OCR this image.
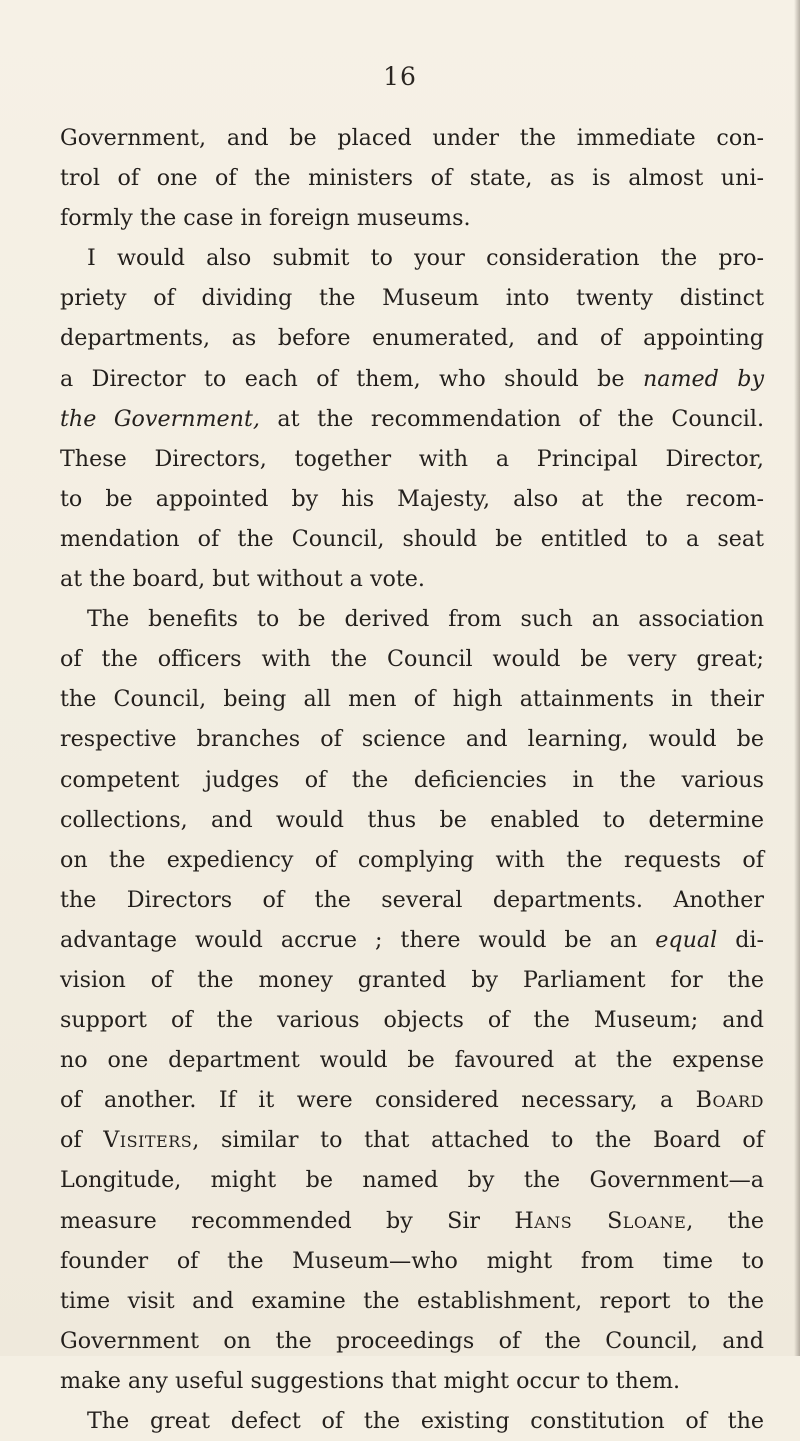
16
Government, and be placed under the immediate con-
trol of one of the ministers of state, as is almost uni-
formly the case in foreign museums.
I would also submit to your consideration the pro-
priety of dividing the Museum into twenty distinct
departments, as before enumerated, and of appointing
a Director to each of them, who should be named by
the Government, at the recommendation of the Council.
These Directors, together with a Principal Director,
to be appointed by his Majesty, also at the recom-
mendation of the Council, should be entitled to a seat
at the board, but without a vote.
The benefits to be derived from such an association
of the officers with the Council would be very great;
the Council, being all men of high attainments in their
respective branches of science and learning, would be
competent judges of the deficiencies in the various
collections, and would thus be enabled to determine
on the expediency of complying with the requests of
the Directors of the several departments. Another
advantage would accrue ; there would be an equal di-
vision of the money granted by Parliament for the
support of the various objects of the Museum; and
no one department would be favoured at the expense
of another. If it were considered necessary, a Board
of Visiters, similar to that attached to the Board of
Longitude, might be named by the Government—a
measure recommended by Sir Hans Sloane, the
founder of the Museum—who might from time to
time visit and examine the establishment, report to the
Government on the proceedings of the Council, and
make any useful suggestions that might occur to them.
The great defect of the existing constitution of the
